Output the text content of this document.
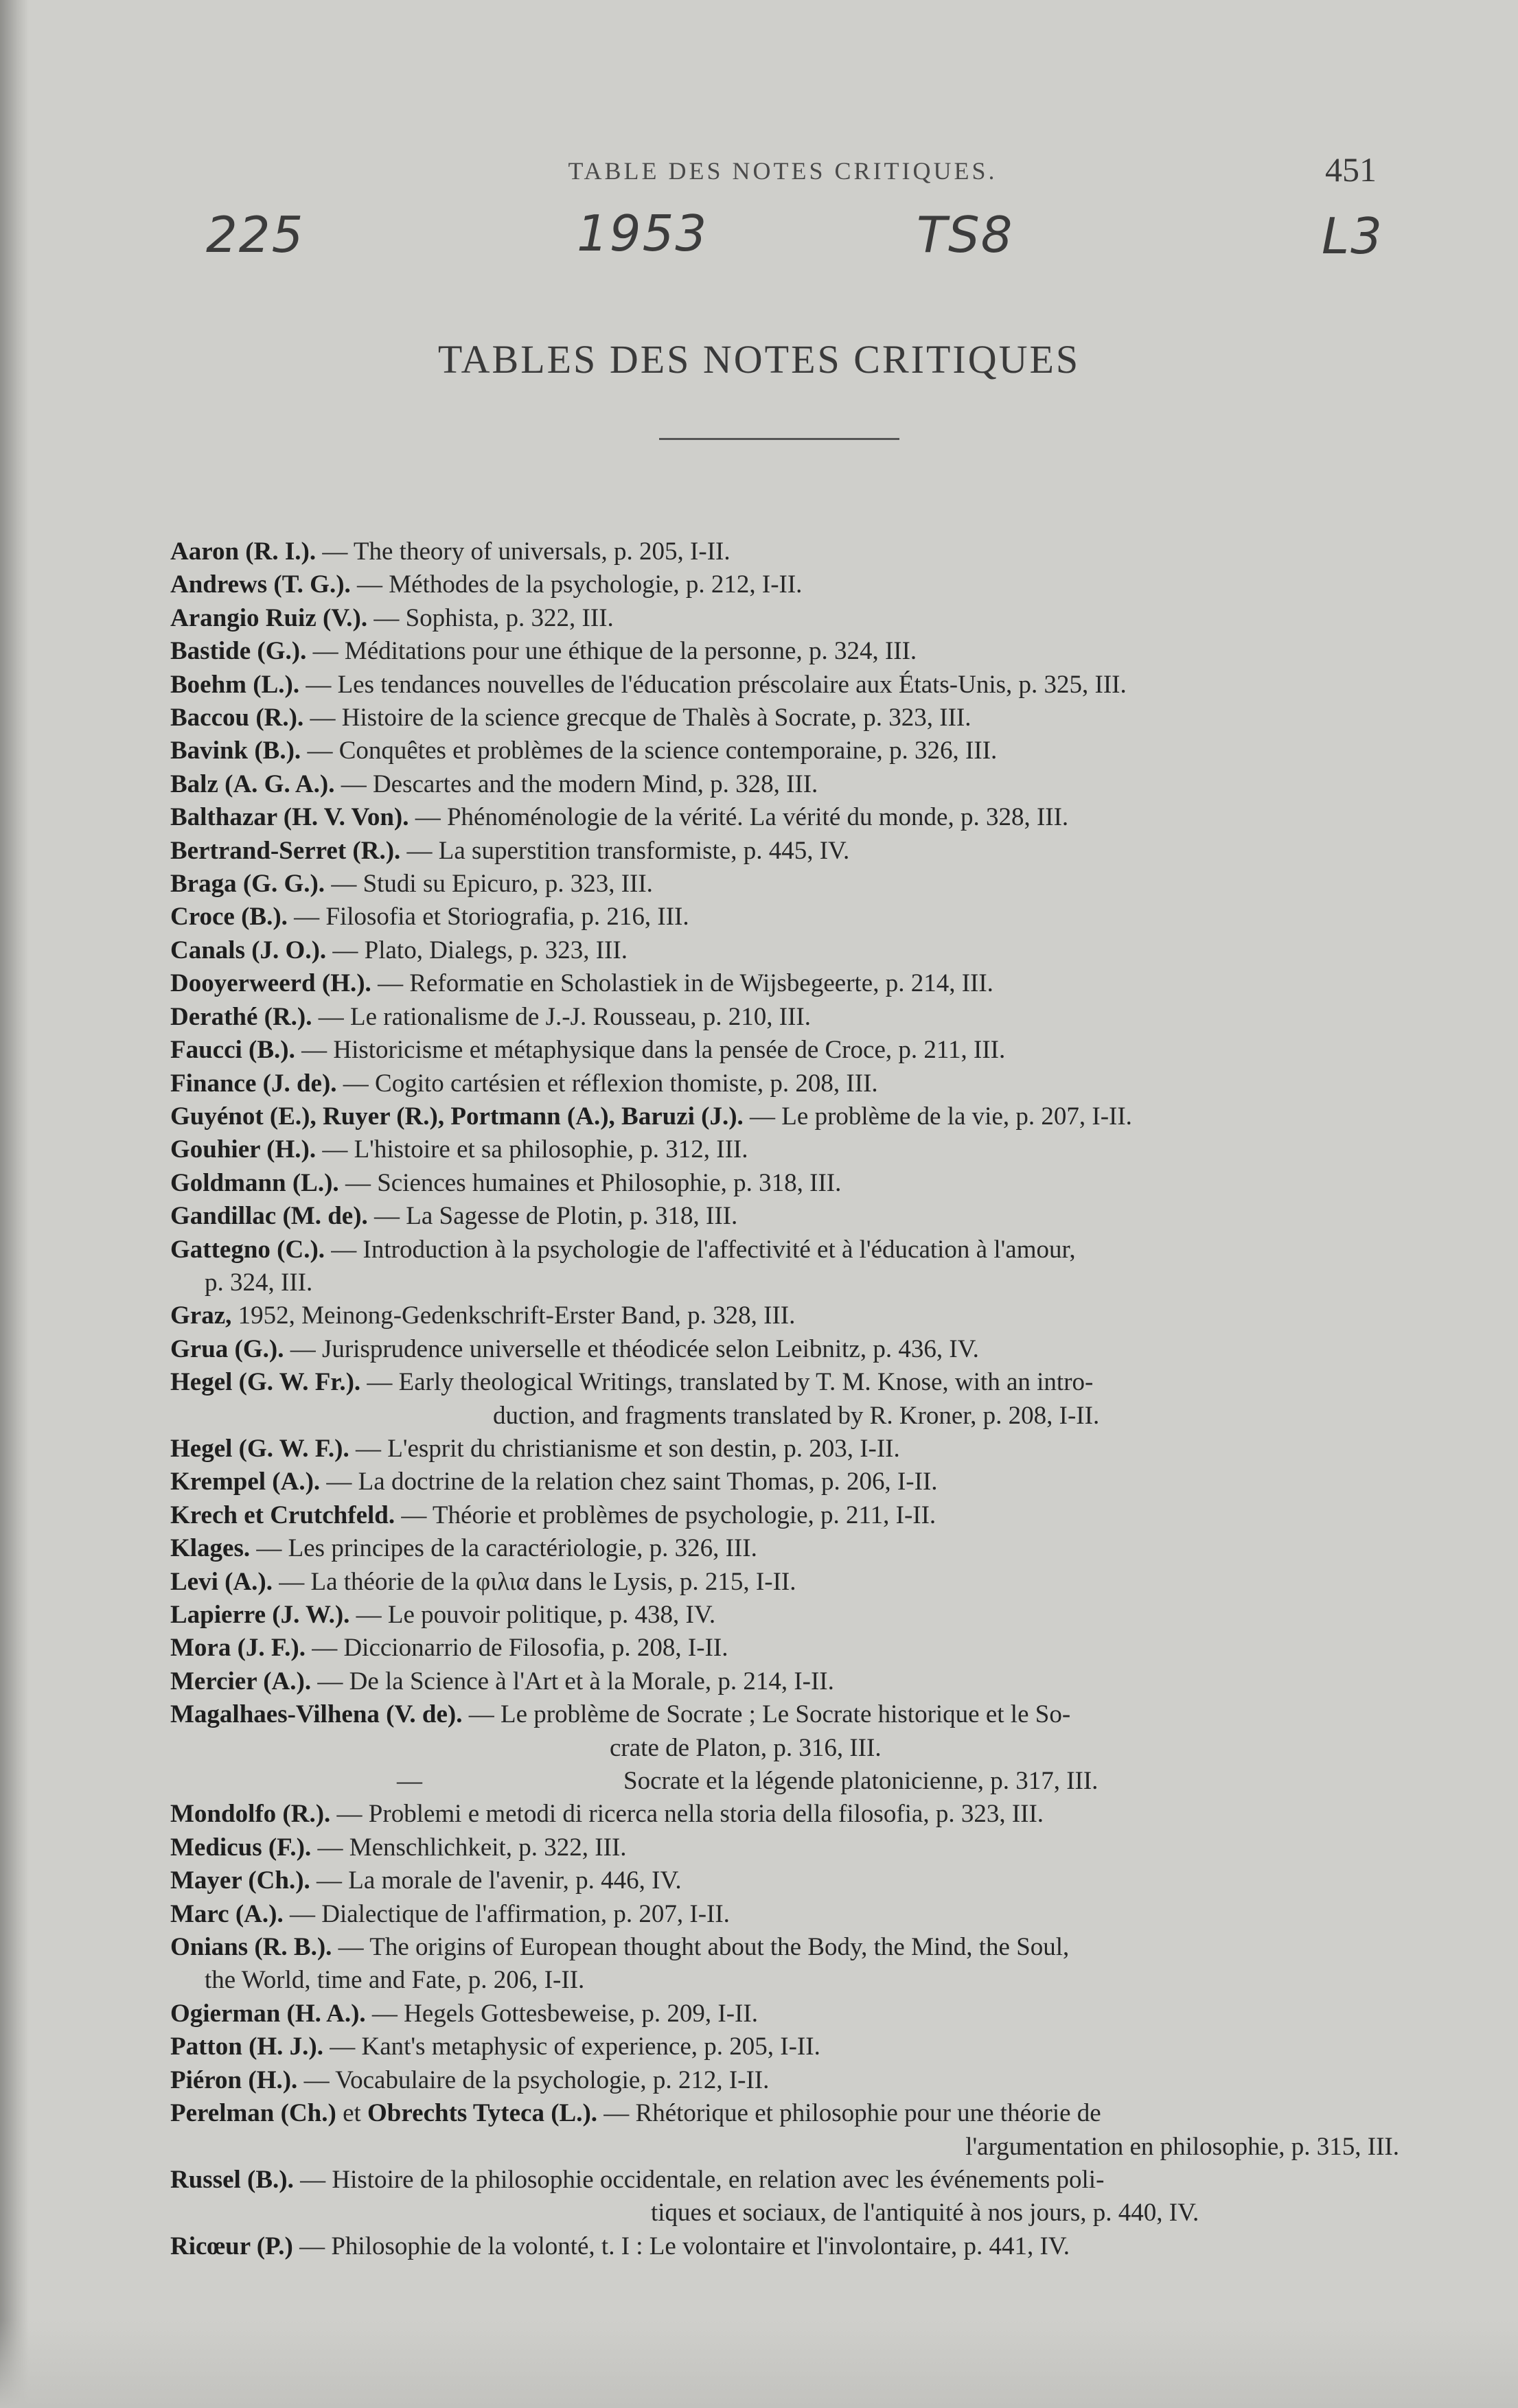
TABLE DES NOTES CRITIQUES.	451
225	1953	TS8	L3
TABLES DES NOTES CRITIQUES
Aaron (R. I.). — The theory of universals, p. 205, I-II.
Andrews (T. G.). — Méthodes de la psychologie, p. 212, I-II.
Arangio Ruiz (V.). — Sophista, p. 322, III.
Bastide (G.). — Méditations pour une éthique de la personne, p. 324, III.
Boehm (L.). — Les tendances nouvelles de l'éducation préscolaire aux États-Unis, p. 325, III.
Baccou (R.). — Histoire de la science grecque de Thalès à Socrate, p. 323, III.
Bavink (B.). — Conquêtes et problèmes de la science contemporaine, p. 326, III.
Balz (A. G. A.). — Descartes and the modern Mind, p. 328, III.
Balthazar (H. V. Von). — Phénoménologie de la vérité. La vérité du monde, p. 328, III.
Bertrand-Serret (R.). — La superstition transformiste, p. 445, IV.
Braga (G. G.). — Studi su Epicuro, p. 323, III.
Croce (B.). — Filosofia et Storiografia, p. 216, III.
Canals (J. O.). — Plato, Dialegs, p. 323, III.
Dooyerweerd (H.). — Reformatie en Scholastiek in de Wijsbegeerte, p. 214, III.
Derathé (R.). — Le rationalisme de J.-J. Rousseau, p. 210, III.
Faucci (B.). — Historicisme et métaphysique dans la pensée de Croce, p. 211, III.
Finance (J. de). — Cogito cartésien et réflexion thomiste, p. 208, III.
Guyénot (E.), Ruyer (R.), Portmann (A.), Baruzi (J.). — Le problème de la vie, p. 207, I-II.
Gouhier (H.). — L'histoire et sa philosophie, p. 312, III.
Goldmann (L.). — Sciences humaines et Philosophie, p. 318, III.
Gandillac (M. de). — La Sagesse de Plotin, p. 318, III.
Gattegno (C.). — Introduction à la psychologie de l'affectivité et à l'éducation à l'amour,
p. 324, III.
Graz, 1952, Meinong-Gedenkschrift-Erster Band, p. 328, III.
Grua (G.). — Jurisprudence universelle et théodicée selon Leibnitz, p. 436, IV.
Hegel (G. W. Fr.). — Early theological Writings, translated by T. M. Knose, with an intro-
duction, and fragments translated by R. Kroner, p. 208, I-II.
Hegel (G. W. F.). — L'esprit du christianisme et son destin, p. 203, I-II.
Krempel (A.). — La doctrine de la relation chez saint Thomas, p. 206, I-II.
Krech et Crutchfeld. — Théorie et problèmes de psychologie, p. 211, I-II.
Klages. — Les principes de la caractériologie, p. 326, III.
Levi (A.). — La théorie de la φιλια dans le Lysis, p. 215, I-II.
Lapierre (J. W.). — Le pouvoir politique, p. 438, IV.
Mora (J. F.). — Diccionarrio de Filosofia, p. 208, I-II.
Mercier (A.). — De la Science à l'Art et à la Morale, p. 214, I-II.
Magalhaes-Vilhena (V. de). — Le problème de Socrate ; Le Socrate historique et le So-
crate de Platon, p. 316, III.
—	Socrate et la légende platonicienne, p. 317, III.
Mondolfo (R.). — Problemi e metodi di ricerca nella storia della filosofia, p. 323, III.
Medicus (F.). — Menschlichkeit, p. 322, III.
Mayer (Ch.). — La morale de l'avenir, p. 446, IV.
Marc (A.). — Dialectique de l'affirmation, p. 207, I-II.
Onians (R. B.). — The origins of European thought about the Body, the Mind, the Soul,
the World, time and Fate, p. 206, I-II.
Ogierman (H. A.). — Hegels Gottesbeweise, p. 209, I-II.
Patton (H. J.). — Kant's metaphysic of experience, p. 205, I-II.
Piéron (H.). — Vocabulaire de la psychologie, p. 212, I-II.
Perelman (Ch.) et Obrechts Tyteca (L.). — Rhétorique et philosophie pour une théorie de
l'argumentation en philosophie, p. 315, III.
Russel (B.). — Histoire de la philosophie occidentale, en relation avec les événements poli-
tiques et sociaux, de l'antiquité à nos jours, p. 440, IV.
Ricœur (P.) — Philosophie de la volonté, t. I : Le volontaire et l'involontaire, p. 441, IV.
